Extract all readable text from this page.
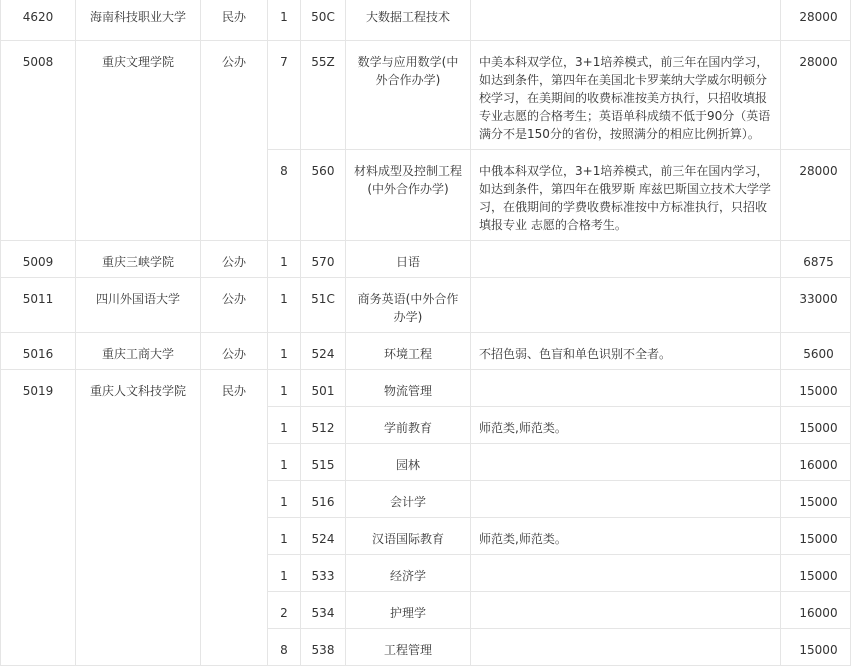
4620	海南科技职业大学	民办	1	50C	大数据工程技术		28000
5008	重庆文理学院	公办	7	55Z	数学与应用数学(中外合作办学)	中美本科双学位，3+1培养模式，前三年在国内学习，如达到条件，第四年在美国北卡罗莱纳大学威尔明顿分校学习，在美期间的收费标准按美方执行，只招收填报专业志愿的合格考生；英语单科成绩不低于90分（英语满分不是150分的省份，按照满分的相应比例折算）。	28000
			8	560	材料成型及控制工程(中外合作办学)	中俄本科双学位，3+1培养模式，前三年在国内学习，如达到条件，第四年在俄罗斯 库兹巴斯国立技术大学学习，在俄期间的学费收费标准按中方标准执行，只招收填报专业 志愿的合格考生。	28000
5009	重庆三峡学院	公办	1	570	日语		6875
5011	四川外国语大学	公办	1	51C	商务英语(中外合作办学)		33000
5016	重庆工商大学	公办	1	524	环境工程	不招色弱、色盲和单色识别不全者。	5600
5019	重庆人文科技学院	民办	1	501	物流管理		15000
			1	512	学前教育	师范类,师范类。	15000
			1	515	园林		16000
			1	516	会计学		15000
			1	524	汉语国际教育	师范类,师范类。	15000
			1	533	经济学		15000
			2	534	护理学		16000
			8	538	工程管理		15000
